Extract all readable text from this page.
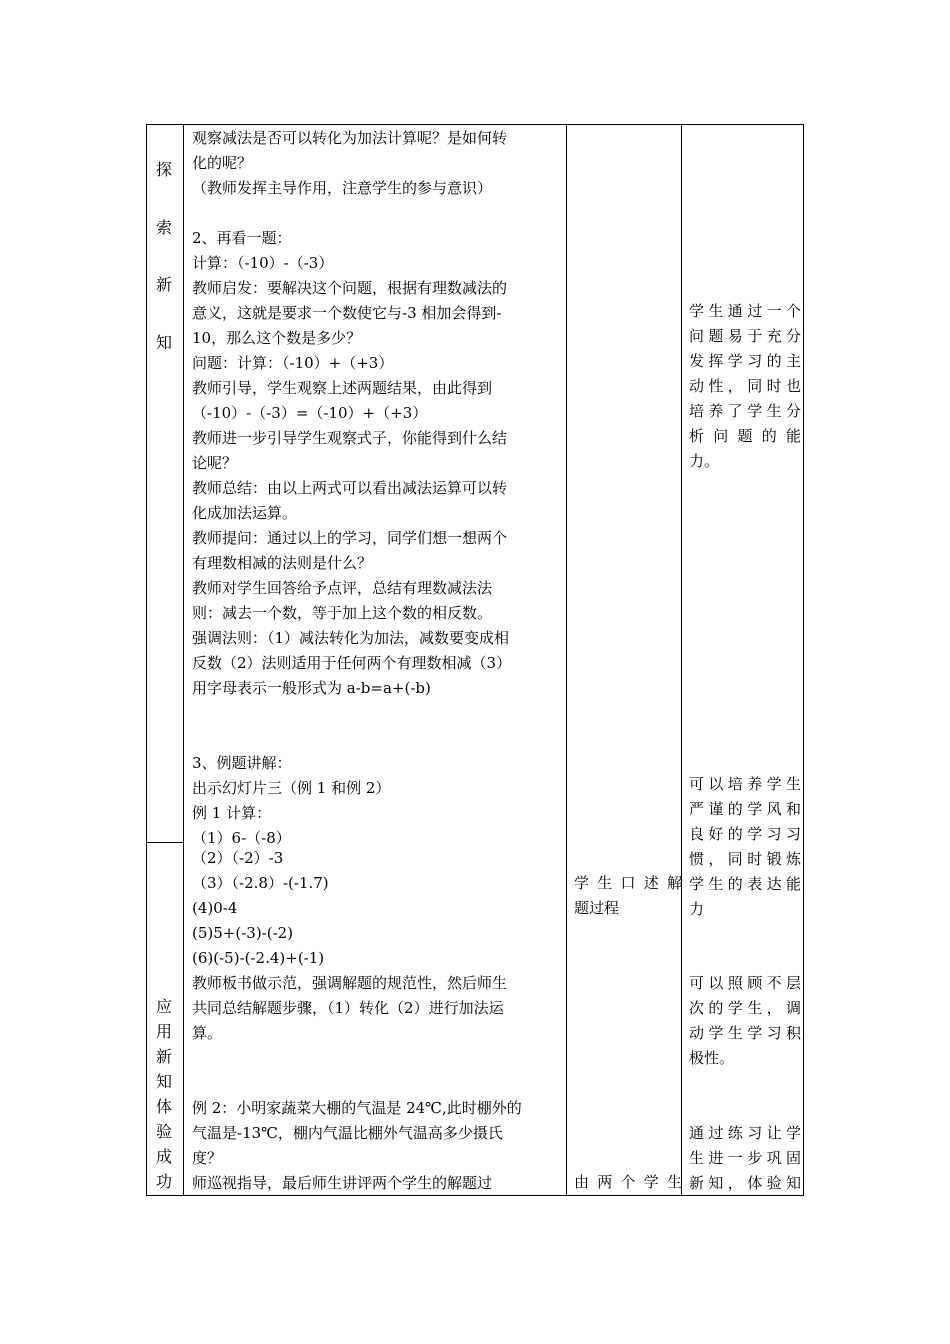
探
索
新
知
应
用
新
知
体
验
成
功
观察减法是否可以转化为加法计算呢？是如何转
化的呢？
（教师发挥主导作用，注意学生的参与意识）
2、再看一题：
计算：（-10）-（-3）
教师启发：要解决这个问题，根据有理数减法的
意义，这就是要求一个数使它与-3 相加会得到-
10，那么这个数是多少？
问题：计算：（-10）+（+3）
教师引导，学生观察上述两题结果，由此得到
（-10）-（-3）=（-10）+（+3）
教师进一步引导学生观察式子，你能得到什么结
论呢？
教师总结：由以上两式可以看出减法运算可以转
化成加法运算。
教师提问：通过以上的学习，同学们想一想两个
有理数相减的法则是什么？
教师对学生回答给予点评，总结有理数减法法
则：减去一个数，等于加上这个数的相反数。
强调法则：（1）减法转化为加法，减数要变成相
反数（2）法则适用于任何两个有理数相减（3）
用字母表示一般形式为 a-b=a+(-b)
3、例题讲解：
出示幻灯片三（例 1 和例 2）
例 1 计算：
（1）6-（-8）
（2）（-2）-3
（3）（-2.8）-(-1.7)
(4)0-4
(5)5+(-3)-(-2)
(6)(-5)-(-2.4)+(-1)
教师板书做示范，强调解题的规范性，然后师生
共同总结解题步骤，（1）转化（2）进行加法运
算。
例 2：小明家蔬菜大棚的气温是 24℃,此时棚外的
气温是-13℃，棚内气温比棚外气温高多少摄氏
度？
师巡视指导，最后师生讲评两个学生的解题过
学生口述解
题过程
由两个学生
学生通过一个
问题易于充分
发挥学习的主
动性，同时也
培养了学生分
析问题的能
力。
可以培养学生
严谨的学风和
良好的学习习
惯，同时锻炼
学生的表达能
力
可以照顾不层
次的学生，调
动学生学习积
极性。
通过练习让学
生进一步巩固
新知，体验知
